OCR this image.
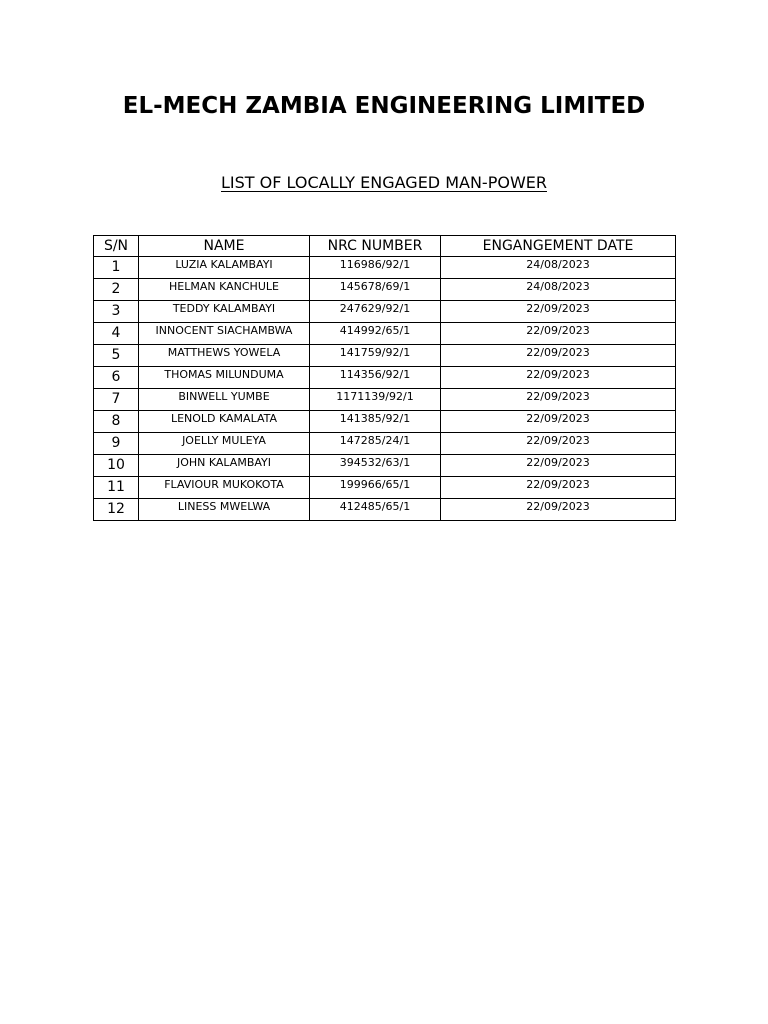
EL-MECH ZAMBIA ENGINEERING LIMITED
LIST OF LOCALLY ENGAGED MAN-POWER
S/N	NAME	NRC NUMBER	ENGANGEMENT DATE
1	LUZIA KALAMBAYI	116986/92/1	24/08/2023
2	HELMAN KANCHULE	145678/69/1	24/08/2023
3	TEDDY KALAMBAYI	247629/92/1	22/09/2023
4	INNOCENT SIACHAMBWA	414992/65/1	22/09/2023
5	MATTHEWS YOWELA	141759/92/1	22/09/2023
6	THOMAS MILUNDUMA	114356/92/1	22/09/2023
7	BINWELL YUMBE	1171139/92/1	22/09/2023
8	LENOLD KAMALATA	141385/92/1	22/09/2023
9	JOELLY MULEYA	147285/24/1	22/09/2023
10	JOHN KALAMBAYI	394532/63/1	22/09/2023
11	FLAVIOUR MUKOKOTA	199966/65/1	22/09/2023
12	LINESS MWELWA	412485/65/1	22/09/2023
